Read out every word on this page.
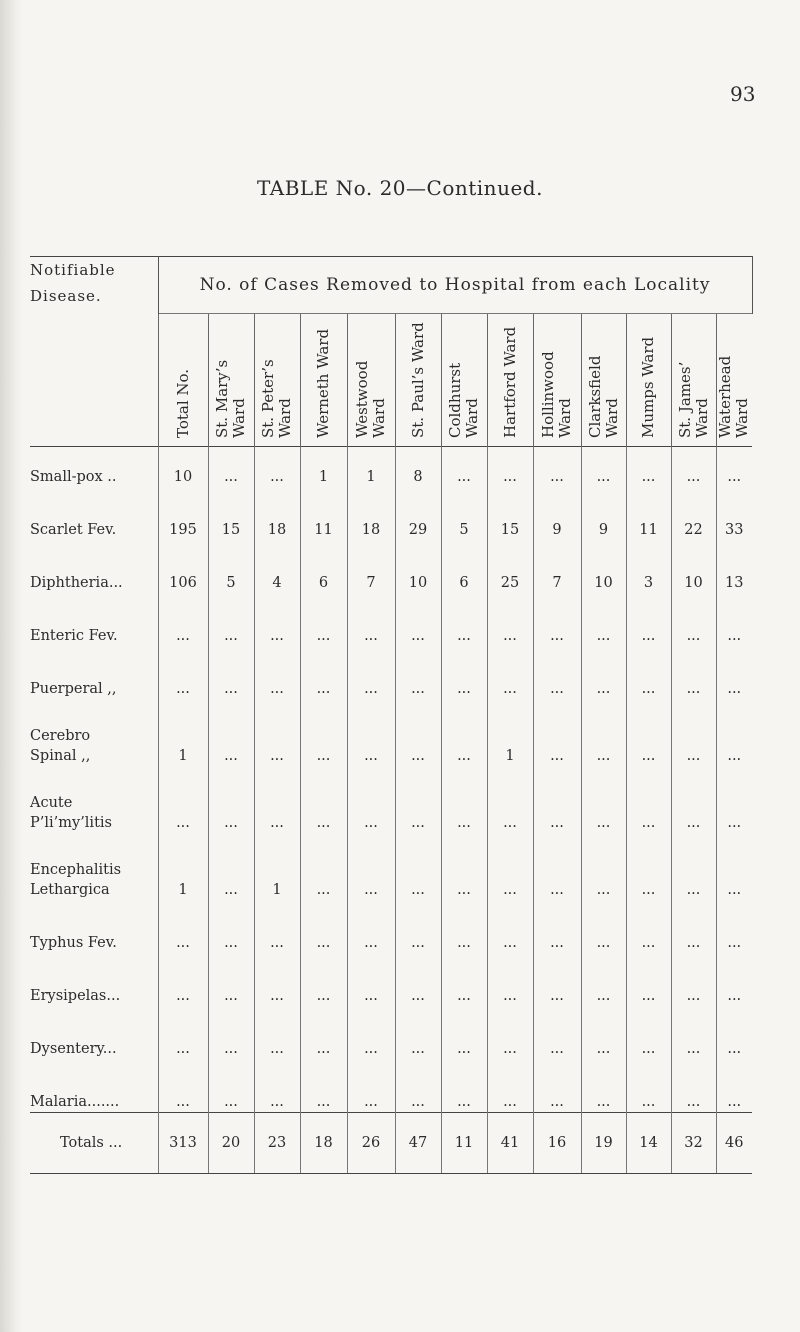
93
TABLE No. 20—Continued.
Notifiable Disease.	No. of Cases Removed to Hospital from each Locality												

	Total No.	St. Mary’s Ward	St. Peter’s Ward	Werneth Ward	Westwood Ward	St. Paul’s Ward	Coldhurst Ward	Hartford Ward	Hollinwood Ward	Clarksfield Ward	Mumps Ward	St. James’ Ward	Waterhead Ward

Small-pox ..	10	...	...	1	1	8	...	...	...	...	...	...	...
Scarlet Fev.	195	15	18	11	18	29	5	15	9	9	11	22	33
Diphtheria...	106	5	4	6	7	10	6	25	7	10	3	10	13
Enteric Fev.	...	...	...	...	...	...	...	...	...	...	...	...	...
Puerperal ,,	...	...	...	...	...	...	...	...	...	...	...	...	...
Cerebro
Spinal ,,	1	...	...	...	...	...	...	1	...	...	...	...	...
Acute
P’li’my’litis	...	...	...	...	...	...	...	...	...	...	...	...	...
Encephalitis
Lethargica	1	...	1	...	...	...	...	...	...	...	...	...	...
Typhus Fev.	...	...	...	...	...	...	...	...	...	...	...	...	...
Erysipelas...	...	...	...	...	...	...	...	...	...	...	...	...	...
Dysentery...	...	...	...	...	...	...	...	...	...	...	...	...	...
Malaria.......	...	...	...	...	...	...	...	...	...	...	...	...	...
Totals ...	313	20	23	18	26	47	11	41	16	19	14	32	46
